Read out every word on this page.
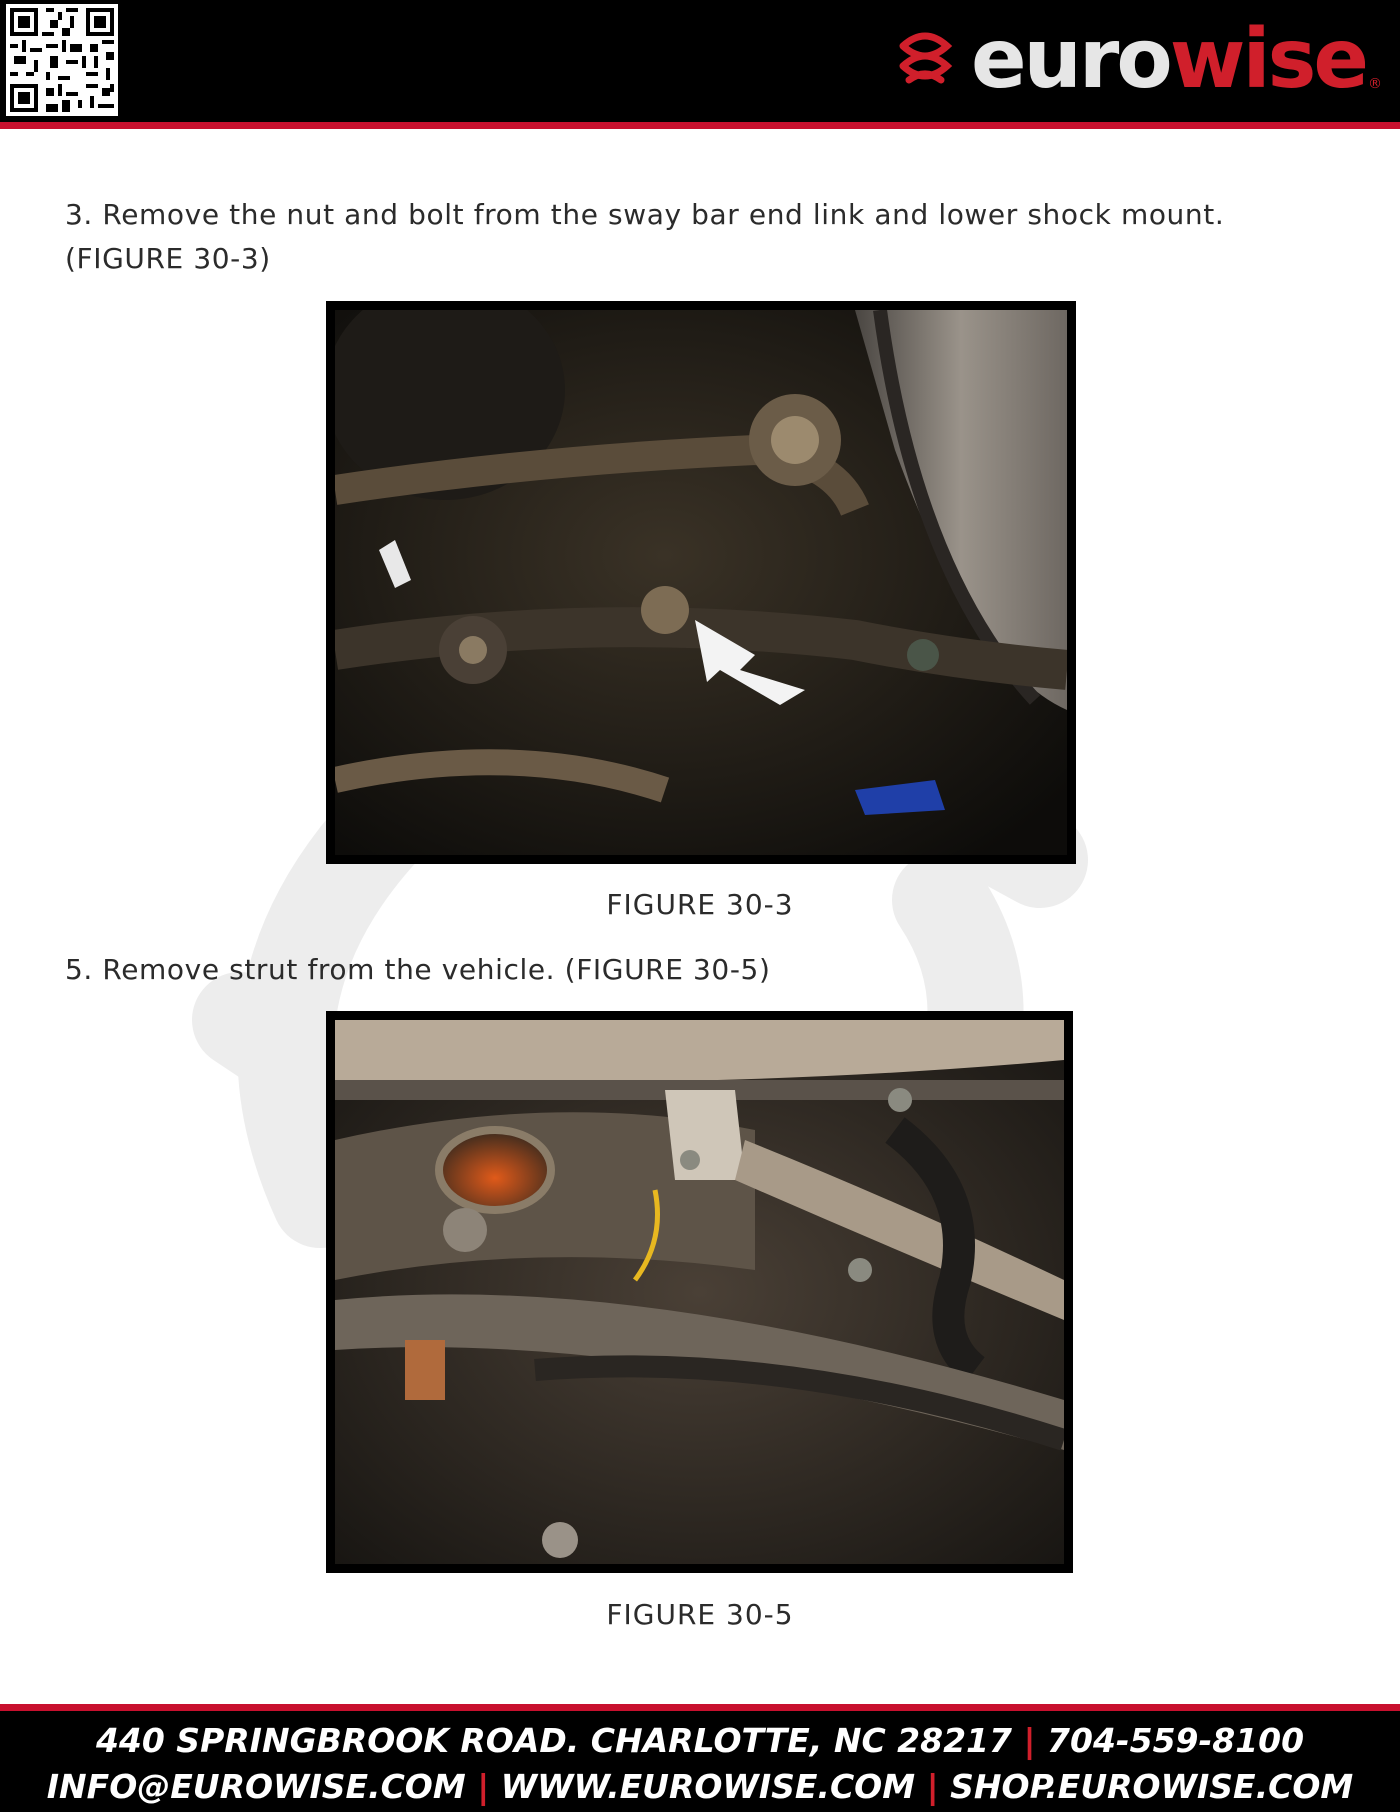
eurowise ®
3. Remove the nut and bolt from the sway bar end link and lower shock mount.
(FIGURE 30-3)
FIGURE 30-3
5. Remove strut from the vehicle. (FIGURE 30-5)
FIGURE 30-5
440 SPRINGBROOK ROAD. CHARLOTTE, NC 28217 | 704-559-8100
INFO@EUROWISE.COM | WWW.EUROWISE.COM | SHOP.EUROWISE.COM
